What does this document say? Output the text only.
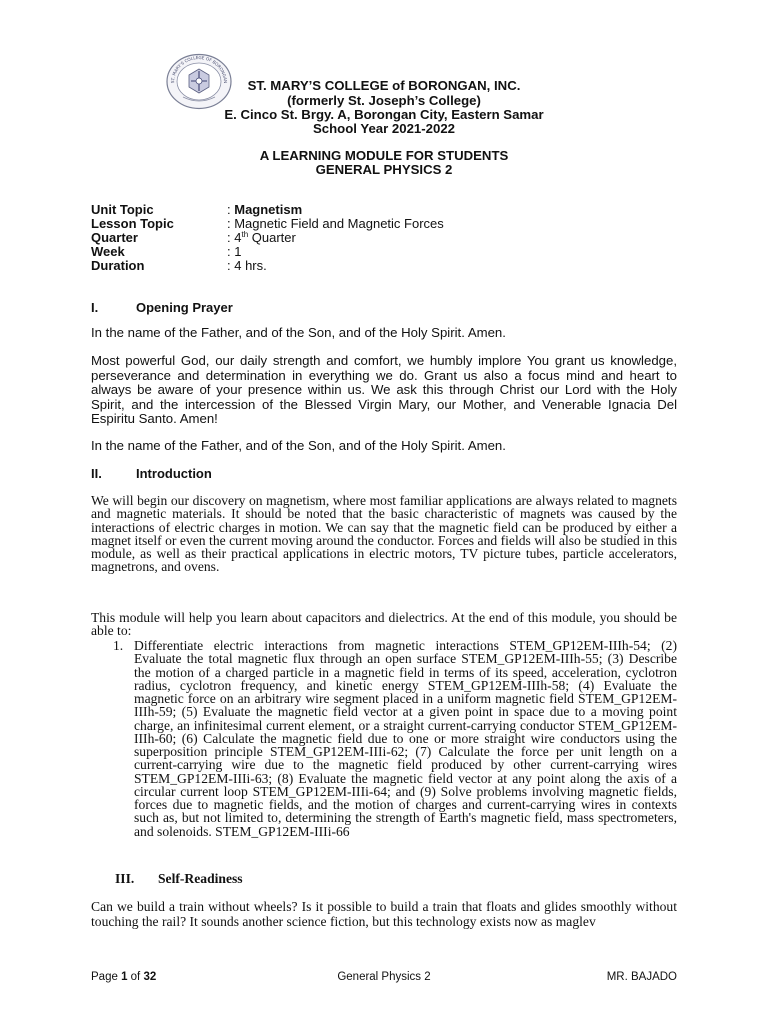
ST. MARY'S COLLEGE OF BORONGAN	ST. MARY’S COLLEGE of BORONGAN, INC.
(formerly St. Joseph’s College)
E. Cinco St. Brgy. A, Borongan City, Eastern Samar
School Year 2021-2022
A LEARNING MODULE FOR STUDENTS
GENERAL PHYSICS 2
Unit Topic	: Magnetism
Lesson Topic	: Magnetic Field and Magnetic Forces
Quarter	: 4th Quarter
Week	: 1
Duration	: 4 hrs.
I.	Opening Prayer

In the name of the Father, and of the Son, and of the Holy Spirit. Amen.

Most powerful God, our daily strength and comfort, we humbly implore You grant us knowledge, perseverance and determination in everything we do. Grant us also a focus mind and heart to always be aware of your presence within us. We ask this through Christ our Lord with the Holy Spirit, and the intercession of the Blessed Virgin Mary, our Mother, and Venerable Ignacia Del Espiritu Santo. Amen!

In the name of the Father, and of the Son, and of the Holy Spirit. Amen.

II.	Introduction

We will begin our discovery on magnetism, where most familiar applications are always related to magnets and magnetic materials. It should be noted that the basic characteristic of magnets was caused by the interactions of electric charges in motion. We can say that the magnetic field can be produced by either a magnet itself or even the current moving around the conductor. Forces and fields will also be studied in this module, as well as their practical applications in electric motors, TV picture tubes, particle accelerators, magnetrons, and ovens.

This module will help you learn about capacitors and dielectrics. At the end of this module, you should be able to:

1. Differentiate electric interactions from magnetic interactions STEM_GP12EM-IIIh-54; (2) Evaluate the total magnetic flux through an open surface STEM_GP12EM-IIIh-55; (3) Describe the motion of a charged particle in a magnetic field in terms of its speed, acceleration, cyclotron radius, cyclotron frequency, and kinetic energy STEM_GP12EM-IIIh-58; (4) Evaluate the magnetic force on an arbitrary wire segment placed in a uniform magnetic field STEM_GP12EM-IIIh-59; (5) Evaluate the magnetic field vector at a given point in space due to a moving point charge, an infinitesimal current element, or a straight current-carrying conductor STEM_GP12EM-IIIh-60; (6) Calculate the magnetic field due to one or more straight wire conductors using the superposition principle STEM_GP12EM-IIIi-62; (7) Calculate the force per unit length on a current-carrying wire due to the magnetic field produced by other current-carrying wires STEM_GP12EM-IIIi-63; (8) Evaluate the magnetic field vector at any point along the axis of a circular current loop STEM_GP12EM-IIIi-64; and (9) Solve problems involving magnetic fields, forces due to magnetic fields, and the motion of charges and current-carrying wires in contexts such as, but not limited to, determining the strength of Earth's magnetic field, mass spectrometers, and solenoids. STEM_GP12EM-IIIi-66
III. Self-Readiness

Can we build a train without wheels? Is it possible to build a train that floats and glides smoothly without touching the rail? It sounds another science fiction, but this technology exists now as maglev

Page 1 of 32	General Physics 2	MR. BAJADO
